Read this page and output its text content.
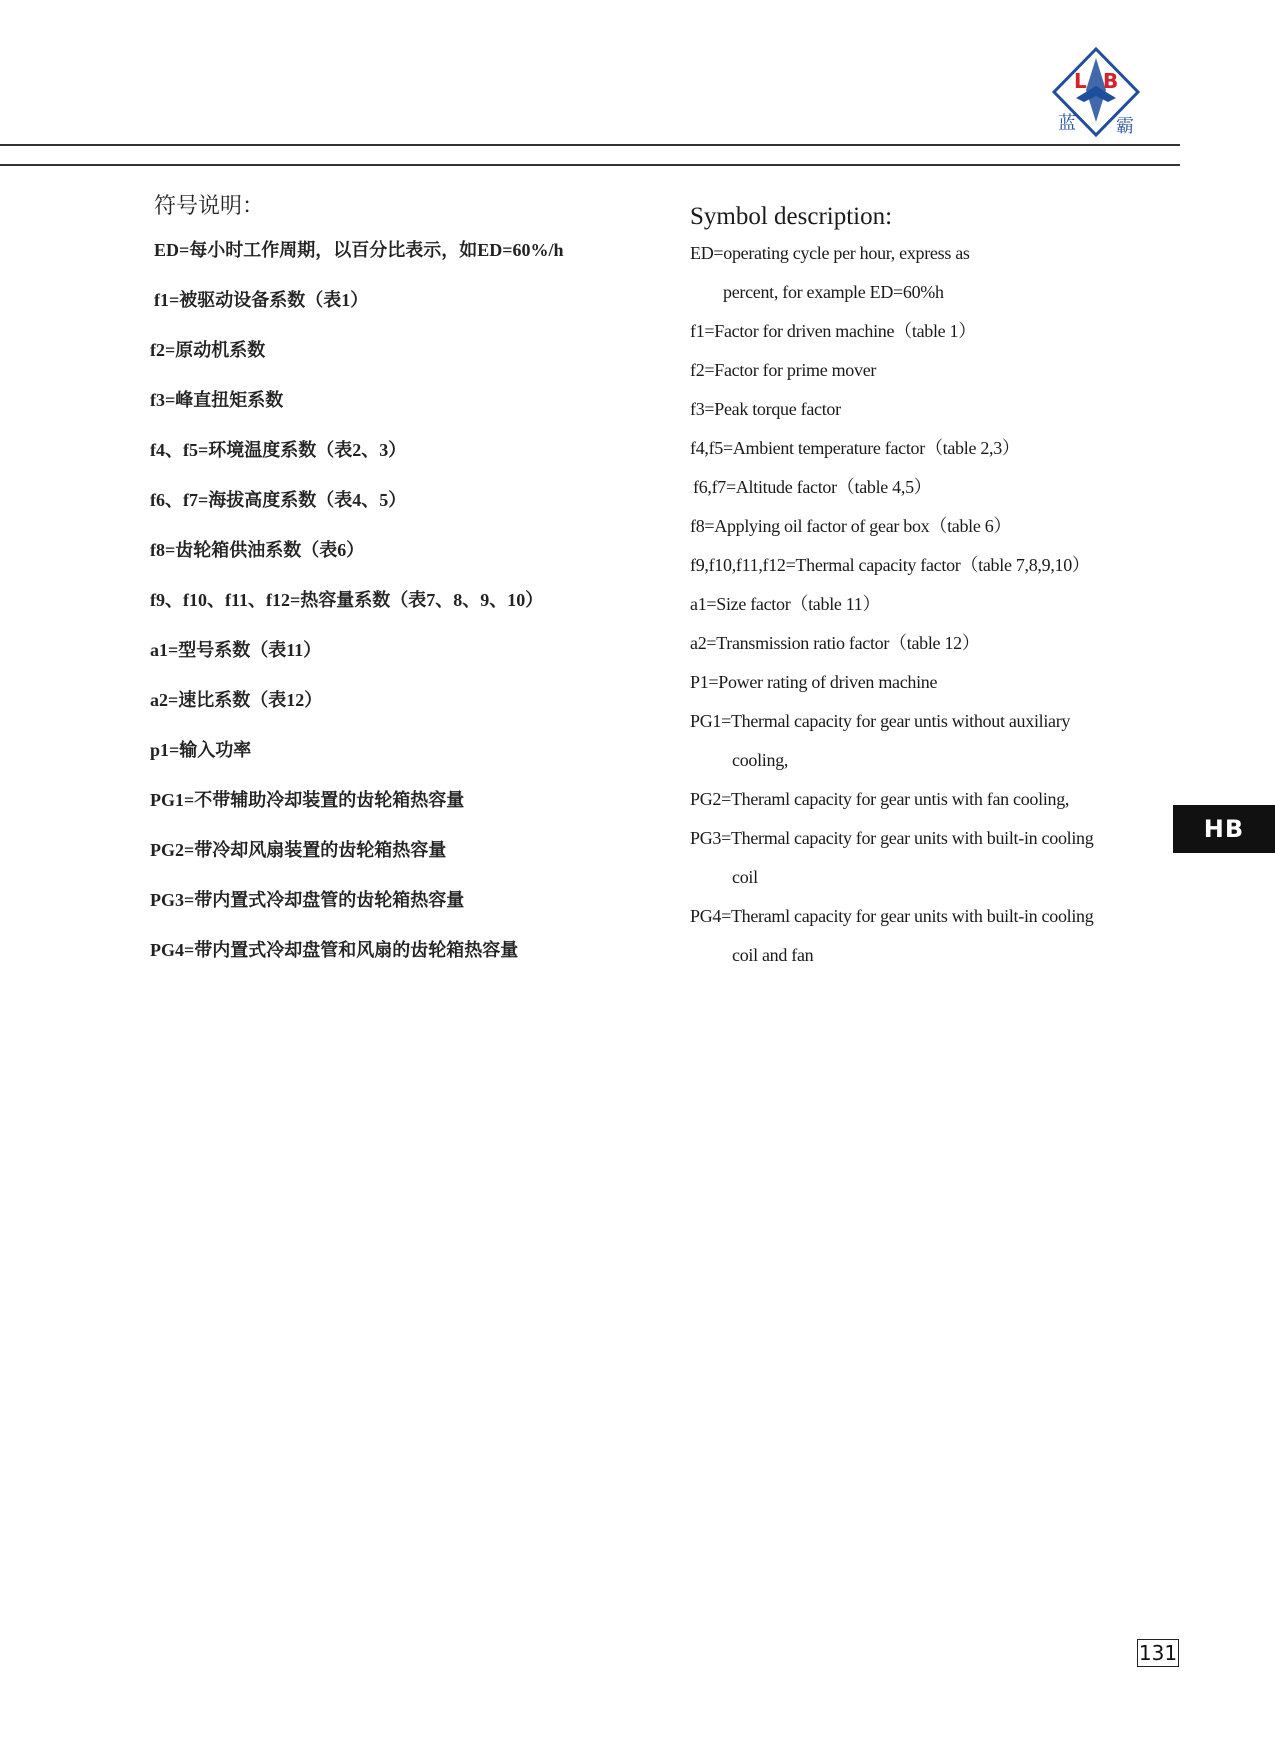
L B
蓝 霸
符号说明：
ED=每小时工作周期，以百分比表示，如ED=60%/h
f1=被驱动设备系数（表1）
f2=原动机系数
f3=峰直扭矩系数
f4、f5=环境温度系数（表2、3）
f6、f7=海拔高度系数（表4、5）
f8=齿轮箱供油系数（表6）
f9、f10、f11、f12=热容量系数（表7、8、9、10）
a1=型号系数（表11）
a2=速比系数（表12）
p1=输入功率
PG1=不带辅助冷却装置的齿轮箱热容量
PG2=带冷却风扇装置的齿轮箱热容量
PG3=带内置式冷却盘管的齿轮箱热容量
PG4=带内置式冷却盘管和风扇的齿轮箱热容量
Symbol description:
ED=operating cycle per hour, express as
percent, for example ED=60%h
f1=Factor for driven machine（table 1）
f2=Factor for prime mover
f3=Peak torque factor
f4,f5=Ambient temperature factor（table 2,3）
f6,f7=Altitude factor（table 4,5）
f8=Applying oil factor of gear box（table 6）
f9,f10,f11,f12=Thermal capacity factor（table 7,8,9,10）
a1=Size factor（table 11）
a2=Transmission ratio factor（table 12）
P1=Power rating of driven machine
PG1=Thermal capacity for gear untis without auxiliary
cooling,
PG2=Theraml capacity for gear untis with fan cooling,
PG3=Thermal capacity for gear units with built-in cooling
coil
PG4=Theraml capacity for gear units with built-in cooling
coil and fan
HB
131
